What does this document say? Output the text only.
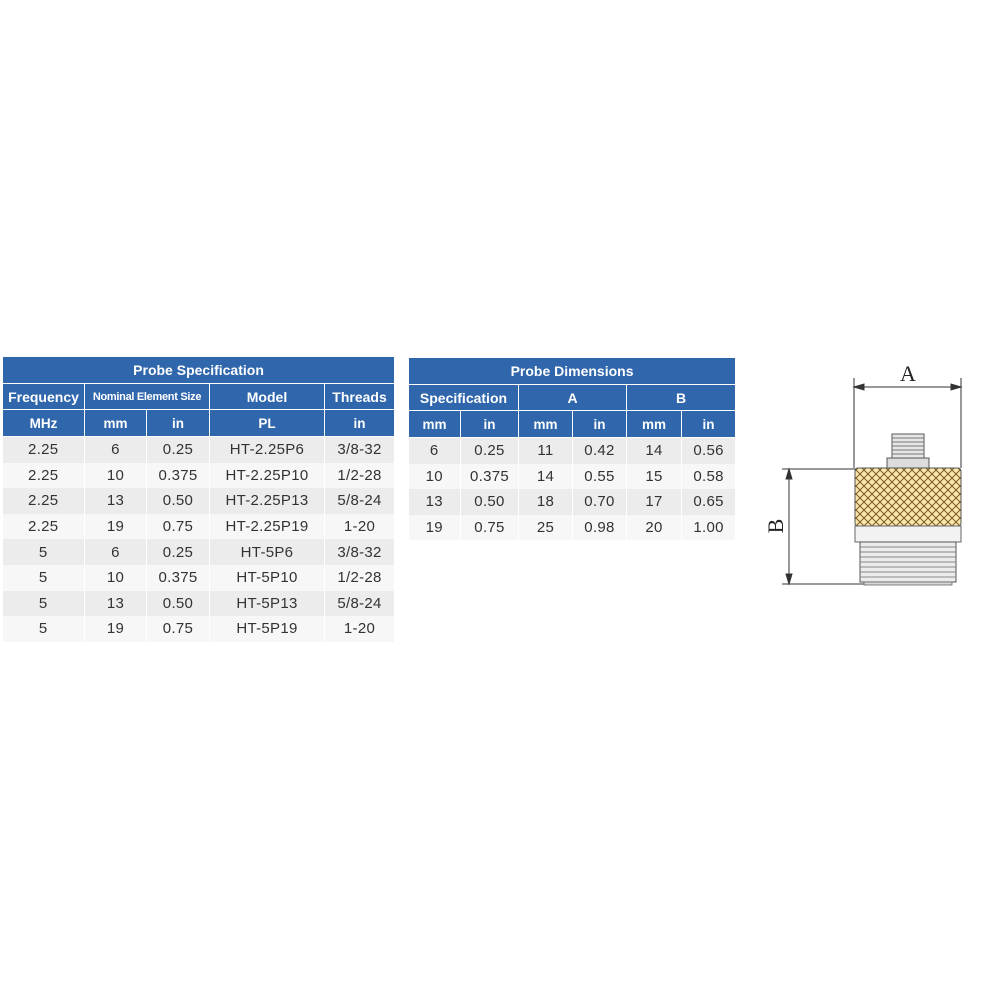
Probe Specification				
Frequency	Nominal Element Size		Model	Threads
MHz	mm	in	PL	in
2.25	6	0.25	HT-2.25P6	3/8-32
2.25	10	0.375	HT-2.25P10	1/2-28
2.25	13	0.50	HT-2.25P13	5/8-24
2.25	19	0.75	HT-2.25P19	1-20
5	6	0.25	HT-5P6	3/8-32
5	10	0.375	HT-5P10	1/2-28
5	13	0.50	HT-5P13	5/8-24
5	19	0.75	HT-5P19	1-20
Probe Dimensions					
Specification		A		B	
mm	in	mm	in	mm	in
6	0.25	11	0.42	14	0.56
10	0.375	14	0.55	15	0.58
13	0.50	18	0.70	17	0.65
19	0.75	25	0.98	20	1.00
A
B
